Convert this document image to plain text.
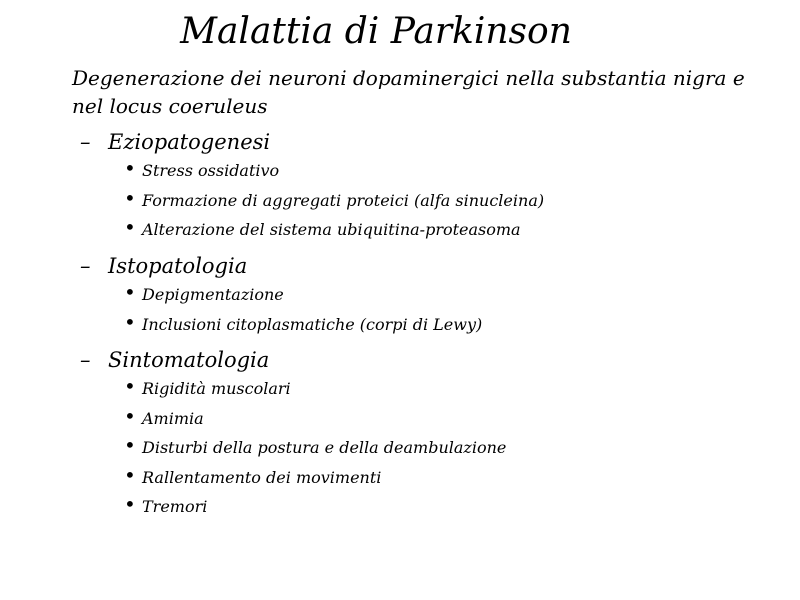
Malattia di Parkinson
Degenerazione dei neuroni dopaminergici nella substantia nigra e nel locus coeruleus
– Eziopatogenesi
• Stress ossidativo
• Formazione di aggregati proteici (alfa sinucleina)
• Alterazione del sistema ubiquitina-proteasoma
– Istopatologia
• Depigmentazione
• Inclusioni citoplasmatiche (corpi di Lewy)
– Sintomatologia
• Rigidità muscolari
• Amimia
• Disturbi della postura e della deambulazione
• Rallentamento dei movimenti
• Tremori
